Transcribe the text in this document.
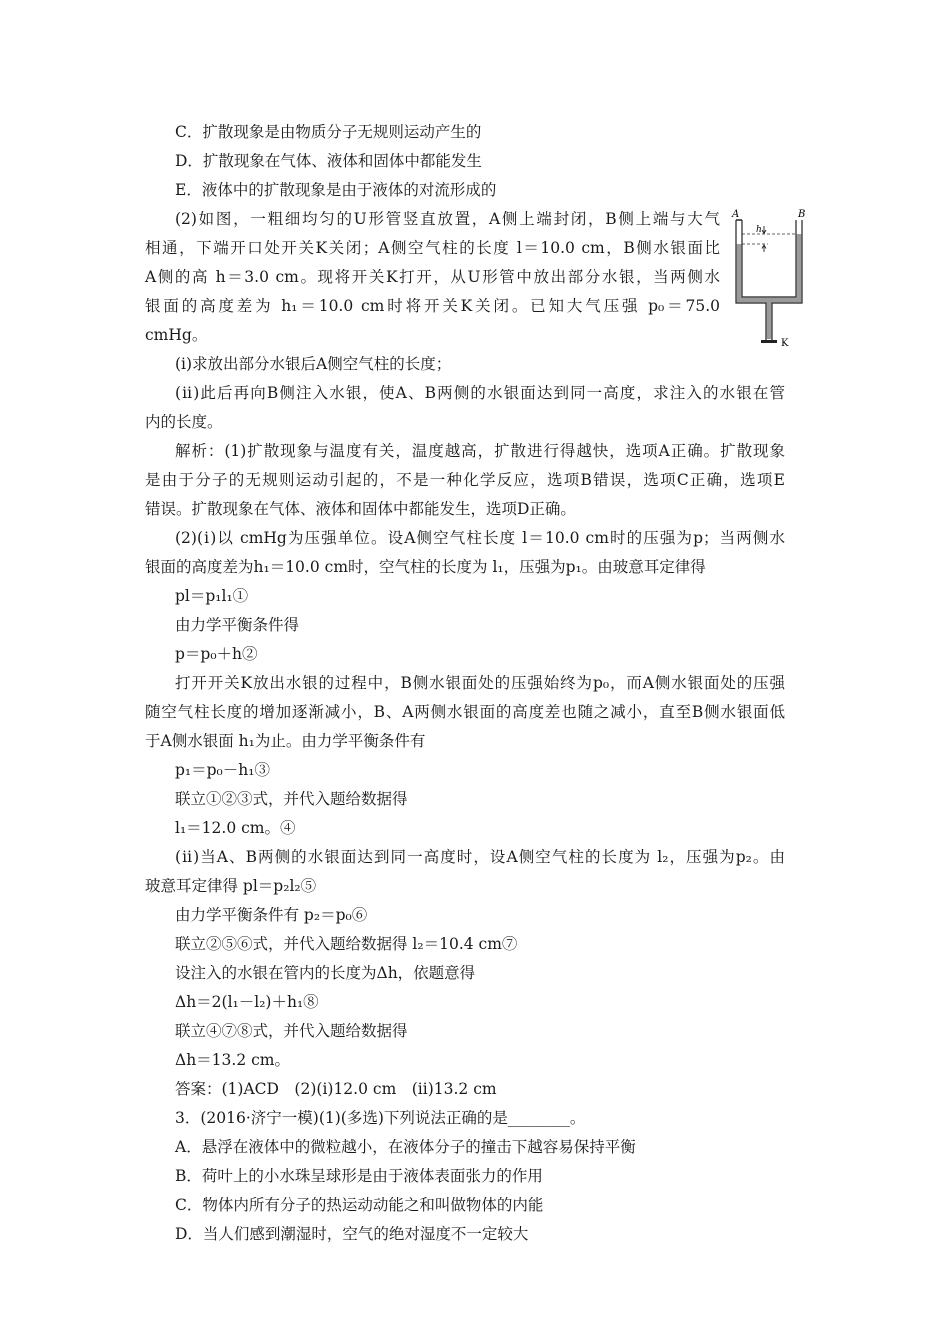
C．扩散现象是由物质分子无规则运动产生的
D．扩散现象在气体、液体和固体中都能发生
E．液体中的扩散现象是由于液体的对流形成的
(2)如图，一粗细均匀的U形管竖直放置，A侧上端封闭，B侧上端与大气
相通，下端开口处开关K关闭；A侧空气柱的长度 l＝10.0 cm，B侧水银面比
A侧的高 h＝3.0 cm。现将开关K打开，从U形管中放出部分水银，当两侧水
银面的高度差为 h₁＝10.0 cm时将开关K关闭。已知大气压强 p₀＝75.0
cmHg。
(ⅰ)求放出部分水银后A侧空气柱的长度；
(ⅱ)此后再向B侧注入水银，使A、B两侧的水银面达到同一高度，求注入的水银在管
内的长度。
解析：(1)扩散现象与温度有关，温度越高，扩散进行得越快，选项A正确。扩散现象
是由于分子的无规则运动引起的，不是一种化学反应，选项B错误，选项C正确，选项E
错误。扩散现象在气体、液体和固体中都能发生，选项D正确。
(2)(ⅰ)以 cmHg为压强单位。设A侧空气柱长度 l＝10.0 cm时的压强为p；当两侧水
银面的高度差为h₁＝10.0 cm时，空气柱的长度为 l₁，压强为p₁。由玻意耳定律得
pl＝p₁l₁①
由力学平衡条件得
p＝p₀＋h②
打开开关K放出水银的过程中，B侧水银面处的压强始终为p₀，而A侧水银面处的压强
随空气柱长度的增加逐渐减小，B、A两侧水银面的高度差也随之减小，直至B侧水银面低
于A侧水银面 h₁为止。由力学平衡条件有
p₁＝p₀－h₁③
联立①②③式，并代入题给数据得
l₁＝12.0 cm。④
(ⅱ)当A、B两侧的水银面达到同一高度时，设A侧空气柱的长度为 l₂，压强为p₂。由
玻意耳定律得 pl＝p₂l₂⑤
由力学平衡条件有 p₂＝p₀⑥
联立②⑤⑥式，并代入题给数据得 l₂＝10.4 cm⑦
设注入的水银在管内的长度为Δh，依题意得
Δh＝2(l₁－l₂)＋h₁⑧
联立④⑦⑧式，并代入题给数据得
Δh＝13.2 cm。
答案：(1)ACD　(2)(ⅰ)12.0 cm　(ⅱ)13.2 cm
3．(2016·济宁一模)(1)(多选)下列说法正确的是________。
A．悬浮在液体中的微粒越小，在液体分子的撞击下越容易保持平衡
B．荷叶上的小水珠呈球形是由于液体表面张力的作用
C．物体内所有分子的热运动动能之和叫做物体的内能
D．当人们感到潮湿时，空气的绝对湿度不一定较大
A	B
h
K
